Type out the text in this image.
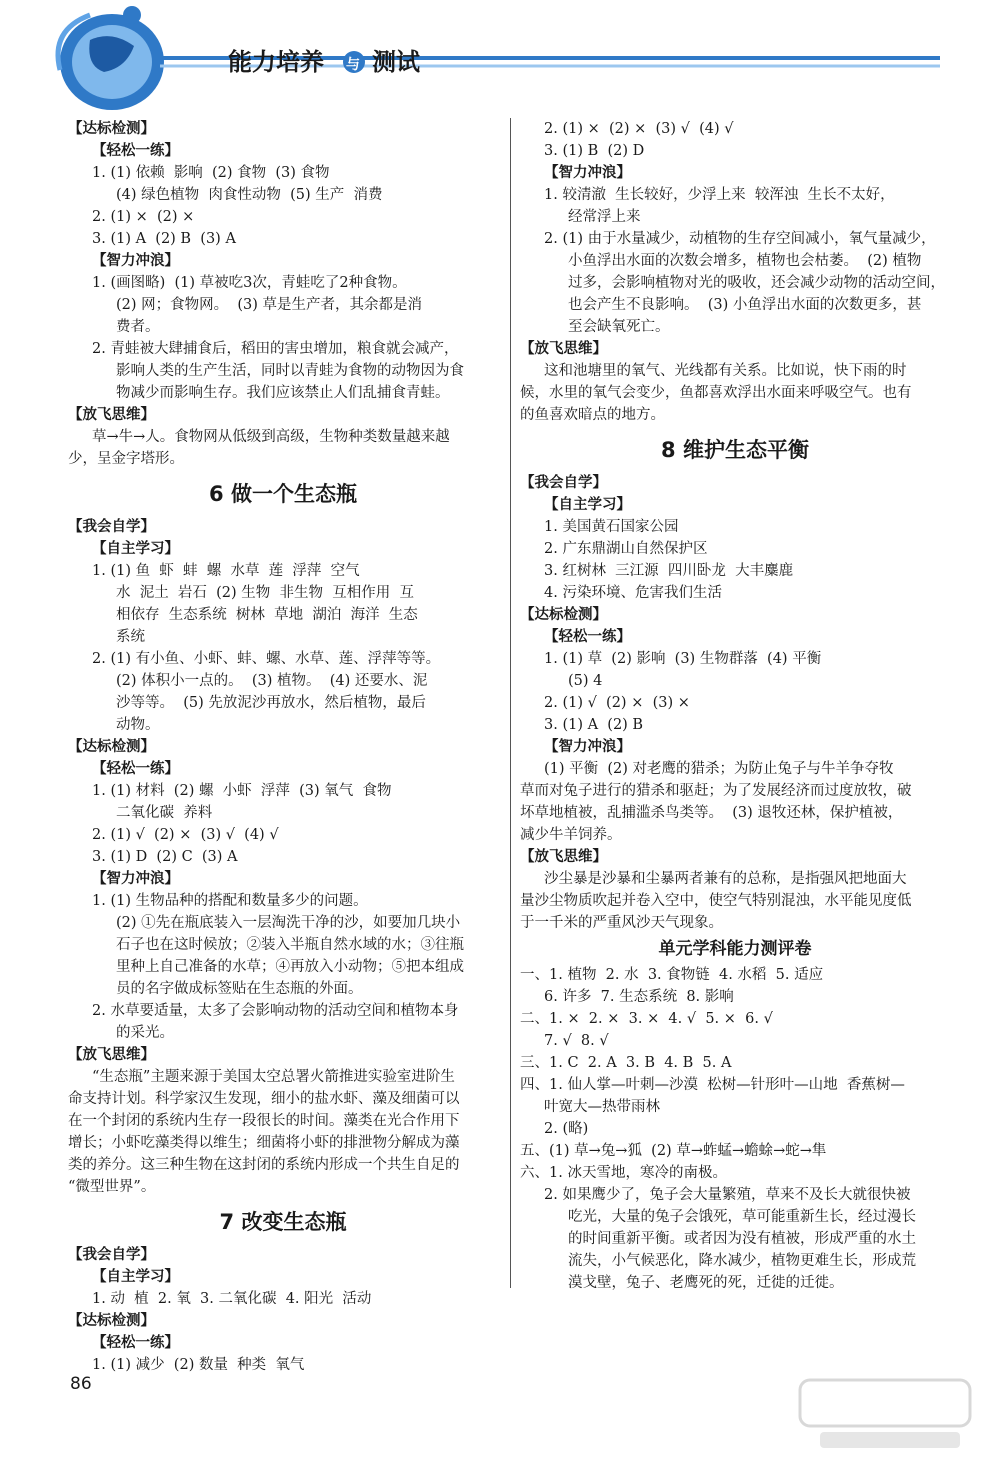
能力培养 与 测试
【达标检测】
【轻松一练】
1. (1) 依赖  影响  (2) 食物  (3) 食物
(4) 绿色植物  肉食性动物  (5) 生产  消费
2. (1) ×  (2) ×
3. (1) A  (2) B  (3) A
【智力冲浪】
1. (画图略)  (1) 草被吃3次，青蛙吃了2种食物。
(2) 网；食物网。  (3) 草是生产者，其余都是消
费者。
2. 青蛙被大肆捕食后，稻田的害虫增加，粮食就会减产，
影响人类的生产生活，同时以青蛙为食物的动物因为食
物减少而影响生存。我们应该禁止人们乱捕食青蛙。
【放飞思维】
草→牛→人。食物网从低级到高级，生物种类数量越来越
少，呈金字塔形。
6 做一个生态瓶
【我会自学】
【自主学习】
1. (1) 鱼  虾  蚌  螺  水草  莲  浮萍  空气
水  泥土  岩石  (2) 生物  非生物  互相作用  互
相依存  生态系统  树林  草地  湖泊  海洋  生态
系统
2. (1) 有小鱼、小虾、蚌、螺、水草、莲、浮萍等等。
(2) 体积小一点的。  (3) 植物。  (4) 还要水、泥
沙等等。  (5) 先放泥沙再放水，然后植物，最后
动物。
【达标检测】
【轻松一练】
1. (1) 材料  (2) 螺  小虾  浮萍  (3) 氧气  食物
二氧化碳  养料
2. (1) √  (2) ×  (3) √  (4) √
3. (1) D  (2) C  (3) A
【智力冲浪】
1. (1) 生物品种的搭配和数量多少的问题。
(2) ①先在瓶底装入一层淘洗干净的沙，如要加几块小
石子也在这时候放；②装入半瓶自然水域的水；③往瓶
里种上自己准备的水草；④再放入小动物；⑤把本组成
员的名字做成标签贴在生态瓶的外面。
2. 水草要适量，太多了会影响动物的活动空间和植物本身
的采光。
【放飞思维】
“生态瓶”主题来源于美国太空总署火箭推进实验室进阶生
命支持计划。科学家汉生发现，细小的盐水虾、藻及细菌可以
在一个封闭的系统内生存一段很长的时间。藻类在光合作用下
增长；小虾吃藻类得以维生；细菌将小虾的排泄物分解成为藻
类的养分。这三种生物在这封闭的系统内形成一个共生自足的
“微型世界”。
7 改变生态瓶
【我会自学】
【自主学习】
1. 动  植  2. 氧  3. 二氧化碳  4. 阳光  活动
【达标检测】
【轻松一练】
1. (1) 减少  (2) 数量  种类  氧气
2. (1) ×  (2) ×  (3) √  (4) √
3. (1) B  (2) D
【智力冲浪】
1. 较清澈  生长较好，少浮上来  较浑浊  生长不太好，
经常浮上来
2. (1) 由于水量减少，动植物的生存空间减小，氧气量减少，
小鱼浮出水面的次数会增多，植物也会枯萎。  (2) 植物
过多，会影响植物对光的吸收，还会减少动物的活动空间，
也会产生不良影响。  (3) 小鱼浮出水面的次数更多，甚
至会缺氧死亡。
【放飞思维】
这和池塘里的氧气、光线都有关系。比如说，快下雨的时
候，水里的氧气会变少，鱼都喜欢浮出水面来呼吸空气。也有
的鱼喜欢暗点的地方。
8 维护生态平衡
【我会自学】
【自主学习】
1. 美国黄石国家公园
2. 广东鼎湖山自然保护区
3. 红树林  三江源  四川卧龙  大丰麋鹿
4. 污染环境、危害我们生活
【达标检测】
【轻松一练】
1. (1) 草  (2) 影响  (3) 生物群落  (4) 平衡
(5) 4
2. (1) √  (2) ×  (3) ×
3. (1) A  (2) B
【智力冲浪】
(1) 平衡  (2) 对老鹰的猎杀；为防止兔子与牛羊争夺牧
草而对兔子进行的猎杀和驱赶；为了发展经济而过度放牧，破
坏草地植被，乱捕滥杀鸟类等。  (3) 退牧还林，保护植被，
减少牛羊饲养。
【放飞思维】
沙尘暴是沙暴和尘暴两者兼有的总称，是指强风把地面大
量沙尘物质吹起并卷入空中，使空气特别混浊，水平能见度低
于一千米的严重风沙天气现象。
单元学科能力测评卷
一、1. 植物  2. 水  3. 食物链  4. 水稻  5. 适应
6. 许多  7. 生态系统  8. 影响
二、1. ×  2. ×  3. ×  4. √  5. ×  6. √
7. √  8. √
三、1. C  2. A  3. B  4. B  5. A
四、1. 仙人掌—叶刺—沙漠  松树—针形叶—山地  香蕉树—
叶宽大—热带雨林
2. (略)
五、(1) 草→兔→狐  (2) 草→蚱蜢→蟾蜍→蛇→隼
六、1. 冰天雪地，寒冷的南极。
2. 如果鹰少了，兔子会大量繁殖，草来不及长大就很快被
吃光，大量的兔子会饿死，草可能重新生长，经过漫长
的时间重新平衡。或者因为没有植被，形成严重的水土
流失，小气候恶化，降水减少，植物更难生长，形成荒
漠戈壁，兔子、老鹰死的死，迁徙的迁徙。
86
